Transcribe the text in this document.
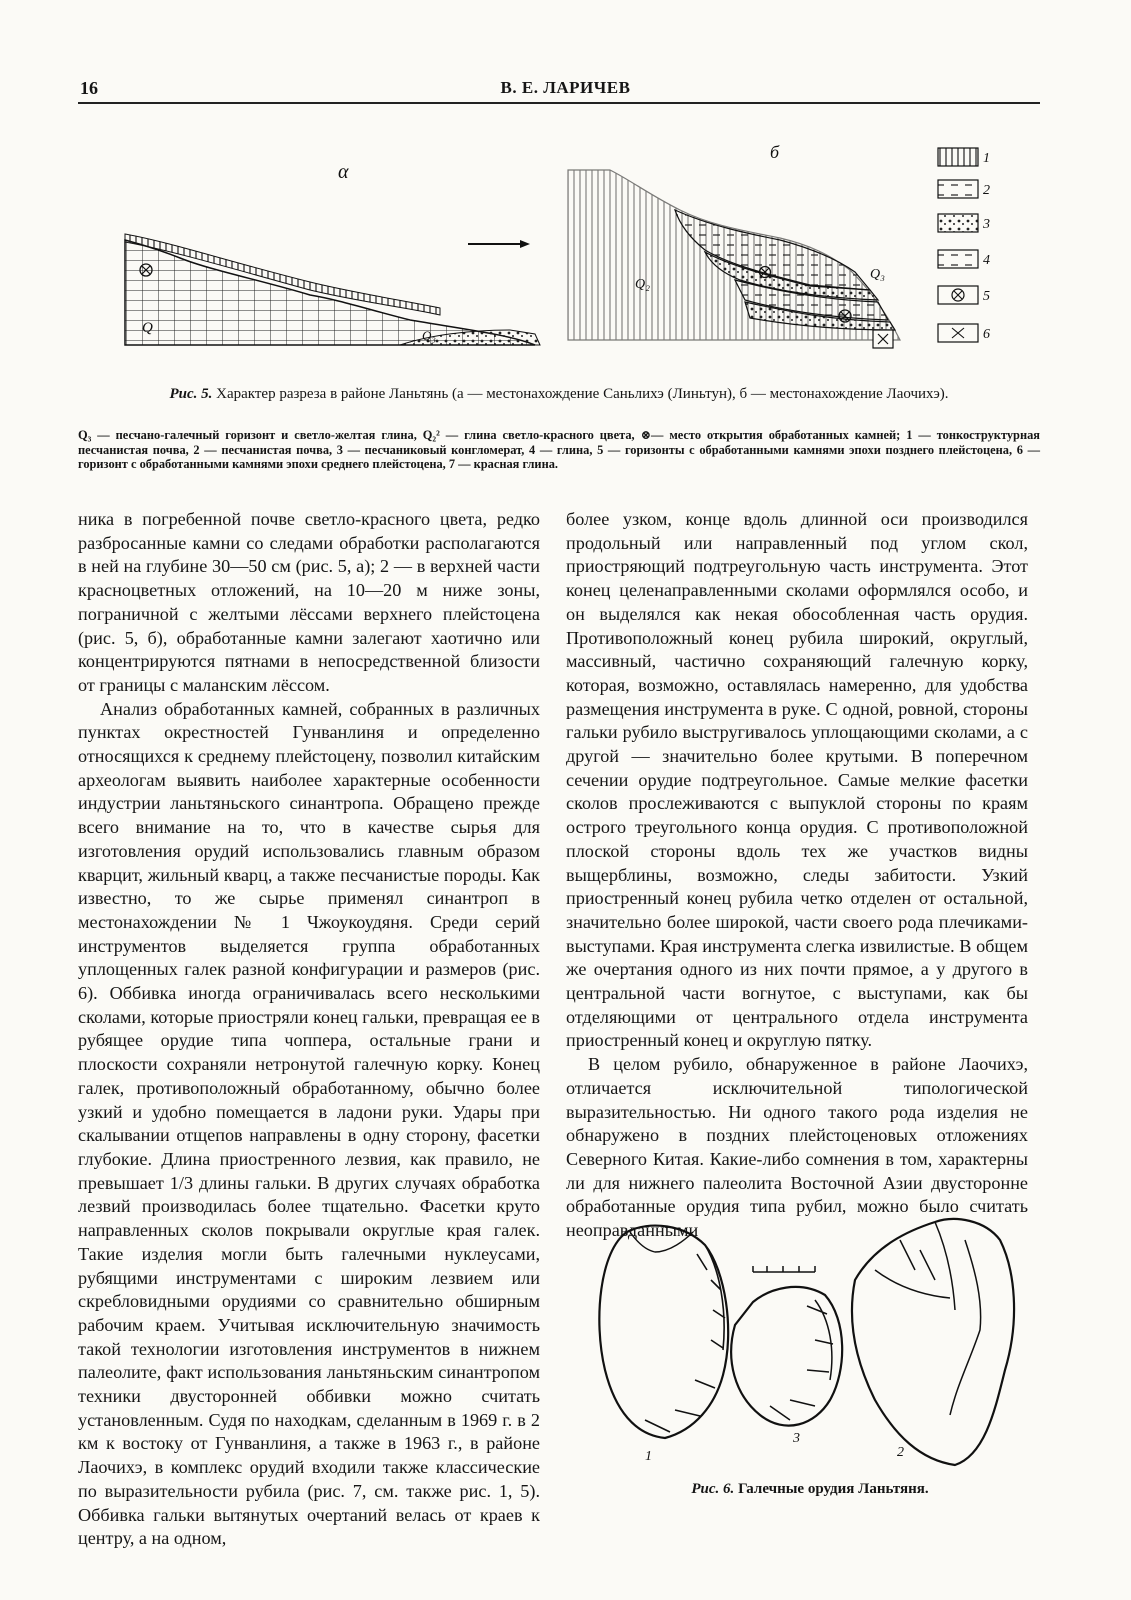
16	В. Е. ЛАРИЧЕВ
α
Q	Q₃
б
Q₂
Q₃
1
2
3
4
5
6
Рис. 5. Характер разреза в районе Ланьтянь (а — местонахождение Саньлихэ (Линьтун), б — местонахождение Лаочихэ).
Q₃ — песчано-галечный горизонт и светло-желтая глина, Q₂² — глина светло-красного цвета, ⊗— место открытия обработанных камней; 1 — тонкоструктурная песчанистая почва, 2 — песчанистая почва, 3 — песчаниковый конгломерат, 4 — глина, 5 — горизонты с обработанными камнями эпохи позднего плейстоцена, 6 — горизонт с обработанными камнями эпохи среднего плейстоцена, 7 — красная глина.

ника в погребенной почве светло-красного цвета, редко разбросанные камни со следами обработки располагаются в ней на глубине 30—50 см (рис. 5, а); 2 — в верхней части красноцветных отложений, на 10—20 м ниже зоны, пограничной с желтыми лёссами верхнего плейстоцена (рис. 5, б), обработанные камни залегают хаотично или концентрируются пятнами в непосредственной близости от границы с маланским лёссом.

Анализ обработанных камней, собранных в различных пунктах окрестностей Гунванлиня и определенно относящихся к среднему плейстоцену, позволил китайским археологам выявить наиболее характерные особенности индустрии ланьтяньского синантропа. Обращено прежде всего внимание на то, что в качестве сырья для изготовления орудий использовались главным образом кварцит, жильный кварц, а также песчанистые породы. Как известно, то же сырье применял синантроп в местонахождении № 1 Чжоукоудяня. Среди серий инструментов выделяется группа обработанных уплощенных галек разной конфигурации и размеров (рис. 6). Оббивка иногда ограничивалась всего несколькими сколами, которые приостряли конец гальки, превращая ее в рубящее орудие типа чоппера, остальные грани и плоскости сохраняли нетронутой галечную корку. Конец галек, противоположный обработанному, обычно более узкий и удобно помещается в ладони руки. Удары при скалывании отщепов направлены в одну сторону, фасетки глубокие. Длина приостренного лезвия, как правило, не превышает 1/3 длины гальки. В других случаях обработка лезвий производилась более тщательно. Фасетки круто направленных сколов покрывали округлые края галек. Такие изделия могли быть галечными нуклеусами, рубящими инструментами с широким лезвием или скребловидными орудиями со сравнительно обширным рабочим краем. Учитывая исключительную значимость такой технологии изготовления инструментов в нижнем палеолите, факт использования ланьтяньским синантропом техники двусторонней оббивки можно считать установленным. Судя по находкам, сделанным в 1969 г. в 2 км к востоку от Гунванлиня, а также в 1963 г., в районе Лаочихэ, в комплекс орудий входили также классические по выразительности рубила (рис. 7, см. также рис. 1, 5). Оббивка гальки вытянутых очертаний велась от краев к центру, а на одном,

более узком, конце вдоль длинной оси производился продольный или направленный под углом скол, приостряющий подтреугольную часть инструмента. Этот конец целенаправленными сколами оформлялся особо, и он выделялся как некая обособленная часть орудия. Противоположный конец рубила широкий, округлый, массивный, частично сохраняющий галечную корку, которая, возможно, оставлялась намеренно, для удобства размещения инструмента в руке. С одной, ровной, стороны гальки рубило выстругивалось уплощающими сколами, а с другой — значительно более крутыми. В поперечном сечении орудие подтреугольное. Самые мелкие фасетки сколов прослеживаются с выпуклой стороны по краям острого треугольного конца орудия. С противоположной плоской стороны вдоль тех же участков видны выщерблины, возможно, следы забитости. Узкий приостренный конец рубила четко отделен от остальной, значительно более широкой, части своего рода плечиками-выступами. Края инструмента слегка извилистые. В общем же очертания одного из них почти прямое, а у другого в центральной части вогнутое, с выступами, как бы отделяющими от центрального отдела инструмента приостренный конец и округлую пятку.

В целом рубило, обнаруженное в районе Лаочихэ, отличается исключительной типологической выразительностью. Ни одного такого рода изделия не обнаружено в поздних плейстоценовых отложениях Северного Китая. Какие-либо сомнения в том, характерны ли для нижнего палеолита Восточной Азии двусторонне обработанные орудия типа рубил, можно было считать неоправданными

1
3
2
Рис. 6. Галечные орудия Ланьтяня.
